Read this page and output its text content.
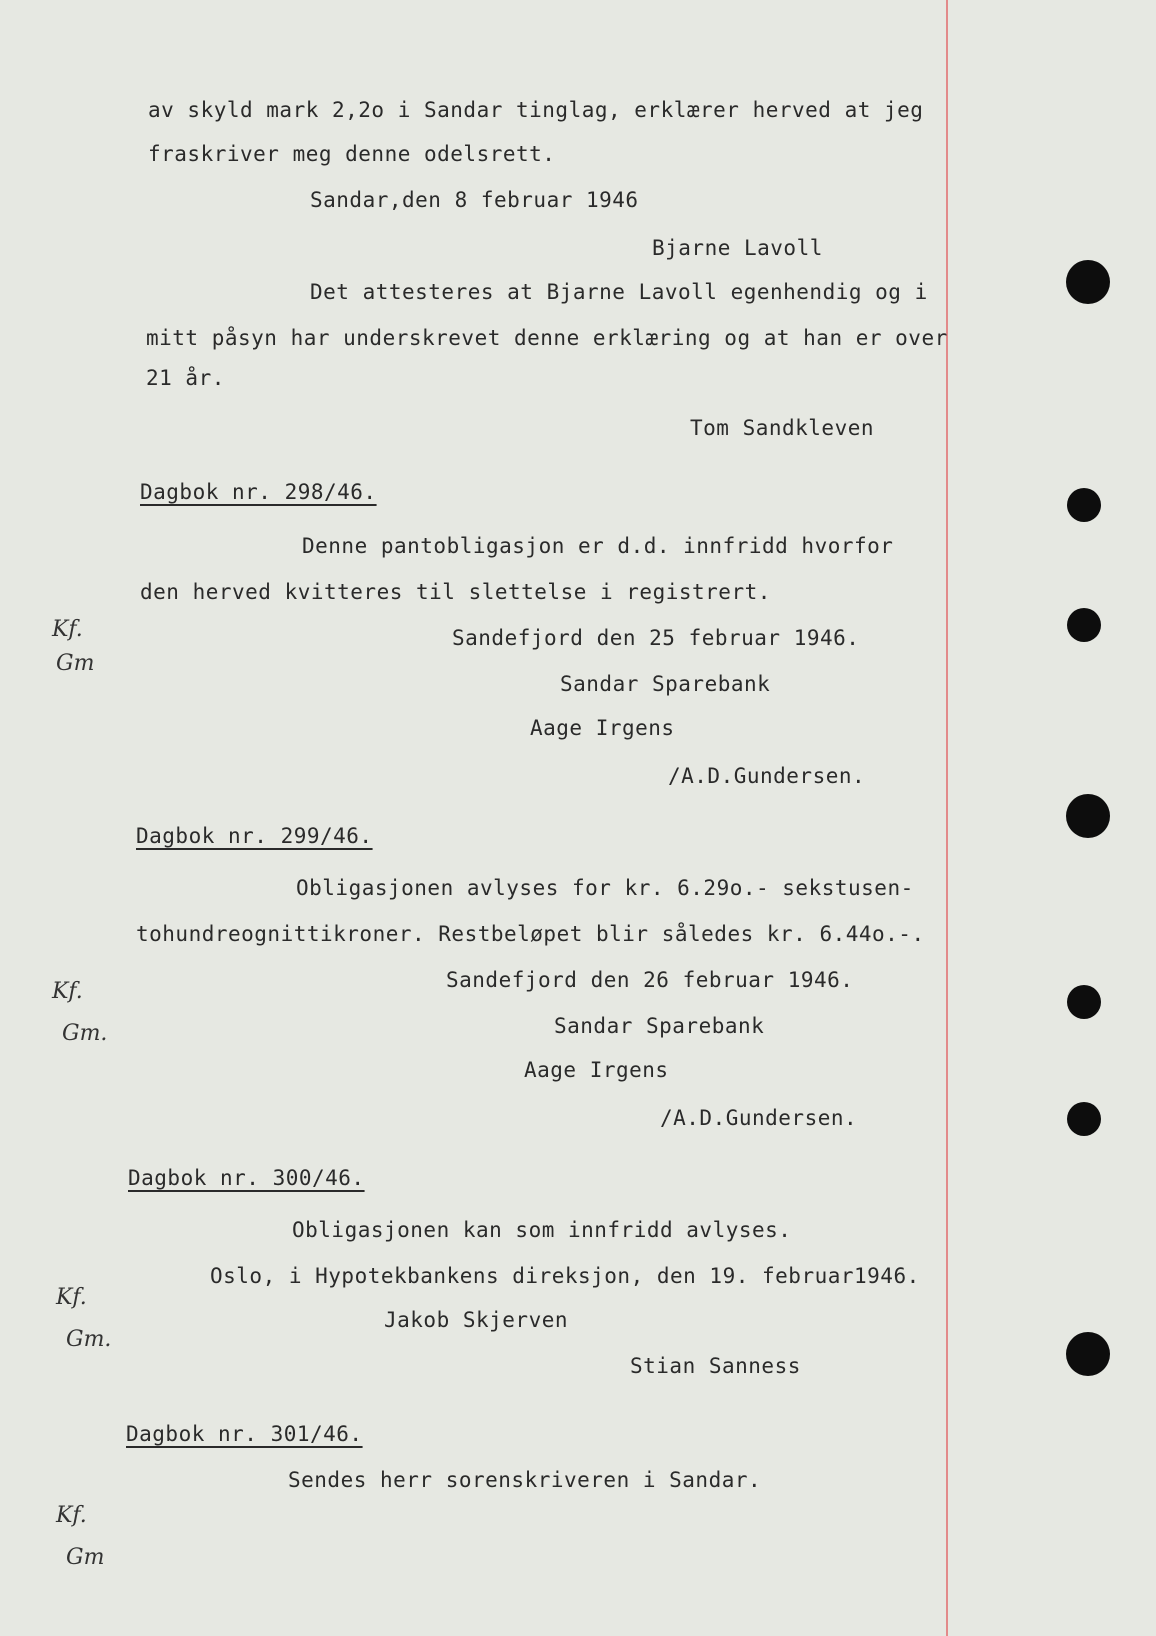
av skyld mark 2,2o i Sandar tinglag, erklærer herved at jeg
fraskriver meg denne odelsrett.
Sandar,den 8 februar 1946
Bjarne Lavoll
Det attesteres at Bjarne Lavoll egenhendig og i
mitt påsyn har underskrevet denne erklæring og at han er over
21 år.
Tom Sandkleven
Dagbok nr. 298/46.
Denne pantobligasjon er d.d. innfridd hvorfor
den herved kvitteres til slettelse i registrert.
Sandefjord den 25 februar 1946.
Sandar Sparebank
Aage Irgens
/A.D.Gundersen.
Kf.
Gm
Dagbok nr. 299/46.
Obligasjonen avlyses for kr. 6.29o.- sekstusen-
tohundreognittikroner. Restbeløpet blir således kr. 6.44o.-.
Sandefjord den 26 februar 1946.
Sandar Sparebank
Aage Irgens
/A.D.Gundersen.
Kf.
Gm.
Dagbok nr. 300/46.
Obligasjonen kan som innfridd avlyses.
Oslo, i Hypotekbankens direksjon, den 19. februar1946.
Jakob Skjerven
Stian Sanness
Kf.
Gm.
Dagbok nr. 301/46.
Sendes herr sorenskriveren i Sandar.
Kf.
Gm
